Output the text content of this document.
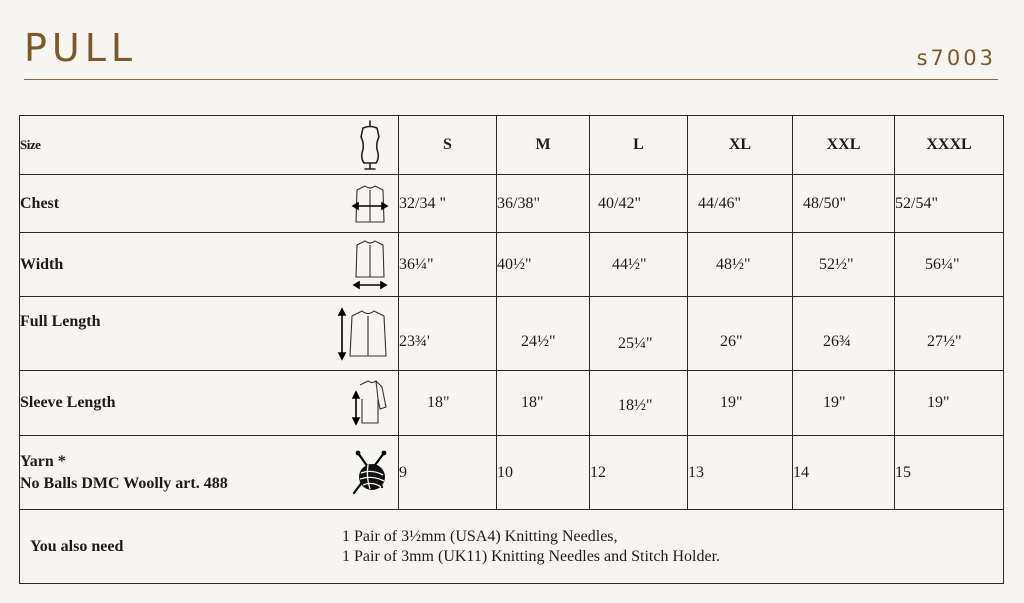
PULL	s7003
Size	S	M	L	XL	XXL	XXXL

Chest	32/34 "	36/38"	40/42"	44/46"	48/50"	52/54"

Width	36¼"	40½"	44½"	48½"	52½"	56¼"

Full Length	23¾'	24½"	25¼"	26"	26¾	27½"

Sleeve Length	18"	18"	18½"	19"	19"	19"

Yarn *
No Balls DMC Woolly art. 488	9	10	12	13	14	15

You also need
1 Pair of 3½mm (USA4) Knitting Needles,
1 Pair of 3mm (UK11) Knitting Needles and Stitch Holder.						
